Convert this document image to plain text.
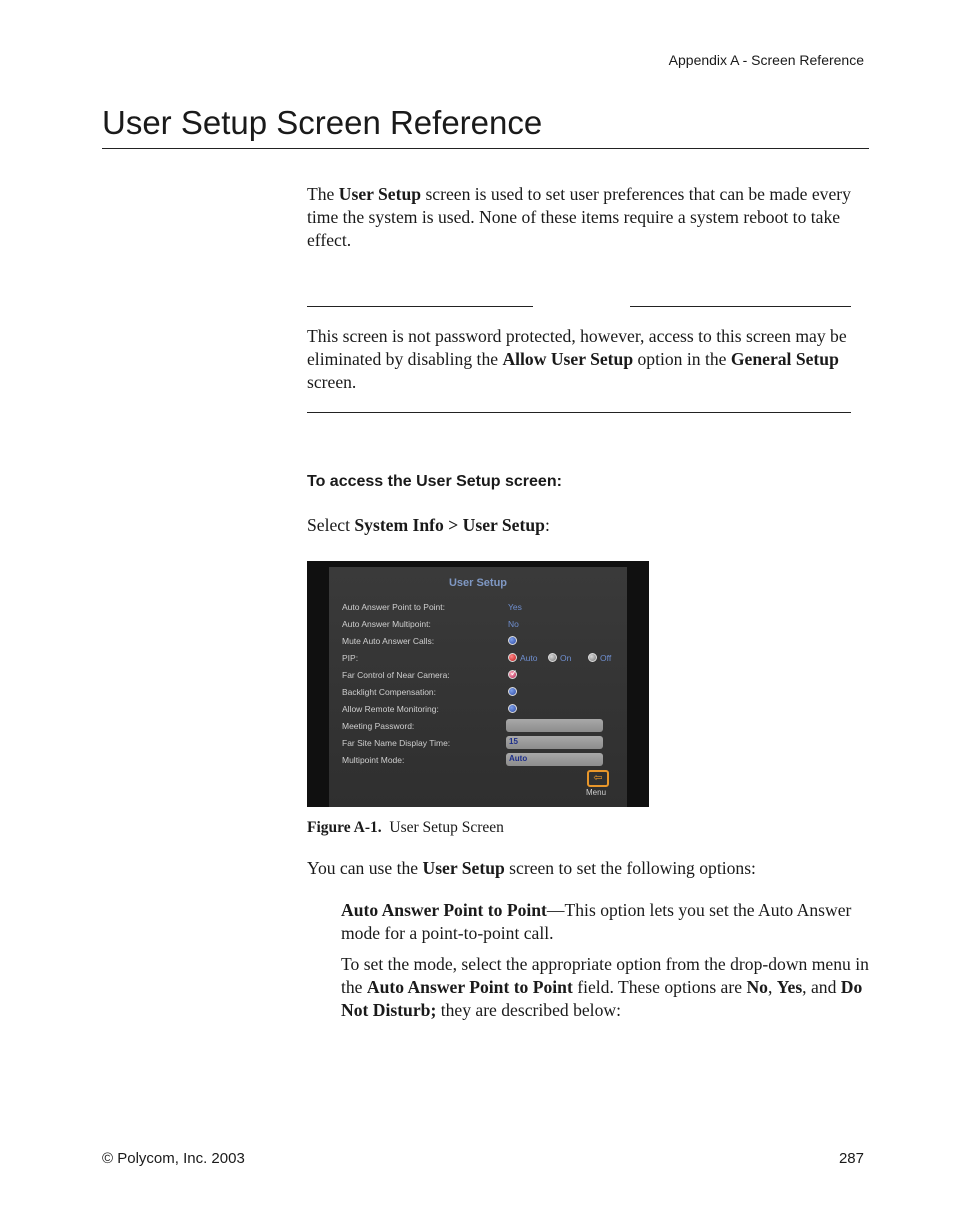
Appendix A - Screen Reference
User Setup Screen Reference

The User Setup screen is used to set user preferences that can be made every time the system is used. None of these items require a system reboot to take effect.

This screen is not password protected, however, access to this screen may be eliminated by disabling the Allow User Setup option in the General Setup screen.

To access the User Setup screen:

Select System Info > User Setup:

User Setup
Auto Answer Point to Point:	Yes
Auto Answer Multipoint:	No
Mute Auto Answer Calls:
PIP:	Auto	On	Off
Far Control of Near Camera:	✓
Backlight Compensation:
Allow Remote Monitoring:
Meeting Password:
Far Site Name Display Time:	15
Multipoint Mode:	Auto
⇦
Menu
Figure A-1. User Setup Screen

You can use the User Setup screen to set the following options:

Auto Answer Point to Point—This option lets you set the Auto Answer mode for a point-to-point call.

To set the mode, select the appropriate option from the drop-down menu in the Auto Answer Point to Point field. These options are No, Yes, and Do Not Disturb; they are described below:

© Polycom, Inc. 2003	287
